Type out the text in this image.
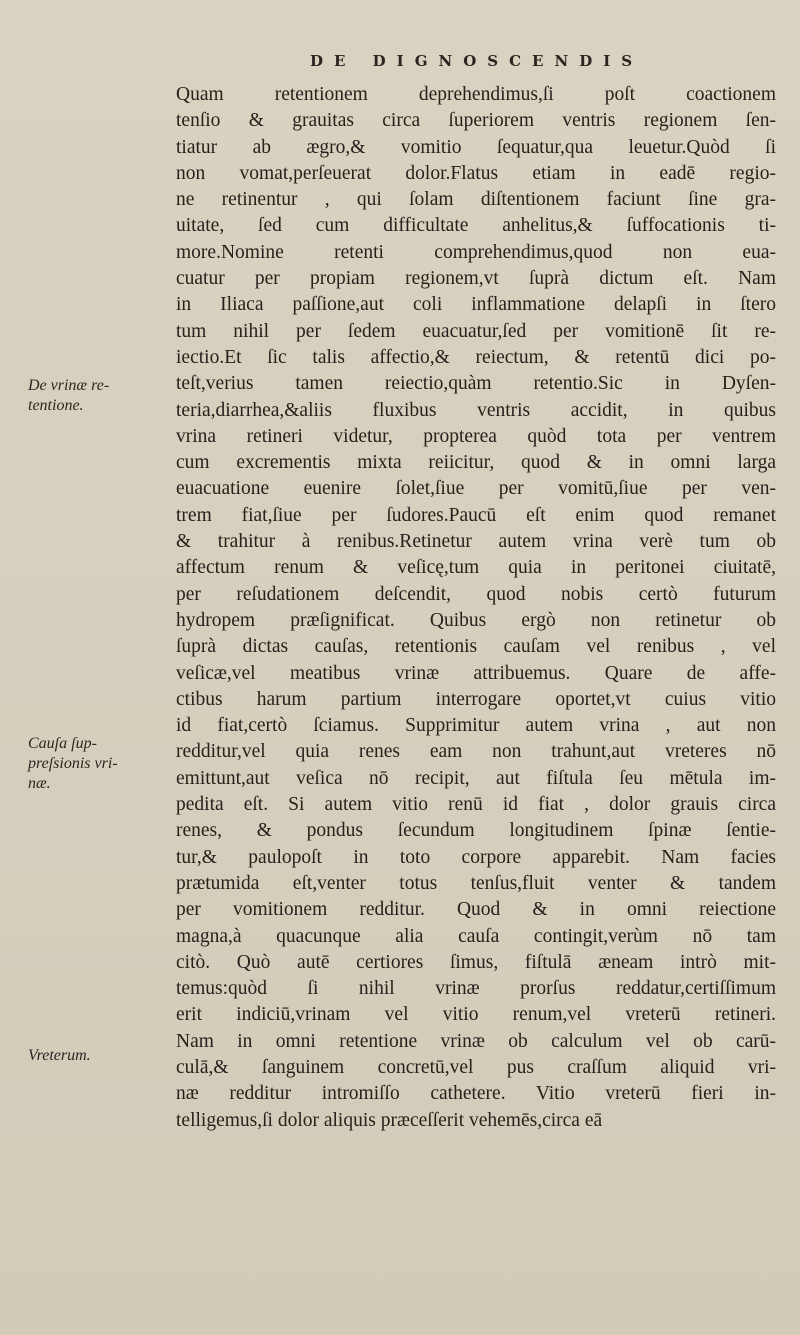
DE DIGNOSCENDIS
Quam retentionem deprehendimus,ſi poſt coactionem
tenſio & grauitas circa ſuperiorem ventris regionem ſen-
tiatur ab ægro,& vomitio ſequatur,qua leuetur.Quòd ſi
non vomat,perſeuerat dolor.Flatus etiam in eadē regio-
ne retinentur , qui ſolam diſtentionem faciunt ſine gra-
uitate, ſed cum difficultate anhelitus,& ſuffocationis ti-
more.Nomine retenti comprehendimus,quod non eua-
cuatur per propiam regionem,vt ſuprà dictum eſt. Nam
in Iliaca paſſione,aut coli inflammatione delapſi in ſtero
tum nihil per ſedem euacuatur,ſed per vomitionē ſit re-
iectio.Et ſic talis affectio,& reiectum, & retentū dici po-
teſt,verius tamen reiectio,quàm retentio.Sic in Dyſen-
teria,diarrhea,&aliis fluxibus ventris accidit, in quibus
vrina retineri videtur, propterea quòd tota per ventrem
cum excrementis mixta reiicitur, quod & in omni larga
euacuatione euenire ſolet,ſiue per vomitū,ſiue per ven-
trem fiat,ſiue per ſudores.Paucū eſt enim quod remanet
& trahitur à renibus.Retinetur autem vrina verè tum ob
affectum renum & veſicę,tum quia in peritonei ciuitatē,
per reſudationem deſcendit, quod nobis certò futurum
hydropem præſignificat. Quibus ergò non retinetur ob
ſuprà dictas cauſas, retentionis cauſam vel renibus , vel
veſicæ,vel meatibus vrinæ attribuemus. Quare de affe-
ctibus harum partium interrogare oportet,vt cuius vitio
id fiat,certò ſciamus. Supprimitur autem vrina , aut non
redditur,vel quia renes eam non trahunt,aut vreteres nō
emittunt,aut veſica nō recipit, aut fiſtula ſeu mētula im-
pedita eſt. Si autem vitio renū id fiat , dolor grauis circa
renes, & pondus ſecundum longitudinem ſpinæ ſentie-
tur,& paulopoſt in toto corpore apparebit. Nam facies
prætumida eſt,venter totus tenſus,fluit venter & tandem
per vomitionem redditur. Quod & in omni reiectione
magna,à quacunque alia cauſa contingit,verùm nō tam
citò. Quò autē certiores ſimus, fiſtulā æneam intrò mit-
temus:quòd ſi nihil vrinæ prorſus reddatur,certiſſimum
erit indiciū,vrinam vel vitio renum,vel vreterū retineri.
Nam in omni retentione vrinæ ob calculum vel ob carū-
culā,& ſanguinem concretū,vel pus craſſum aliquid vri-
næ redditur intromiſſo cathetere. Vitio vreterū fieri in-
telligemus,ſi dolor aliquis præceſſerit vehemēs,circa eā
De vrinæ re-
tentione.
Cauſa ſup-
preſsionis vri-
næ.
Vreterum.
